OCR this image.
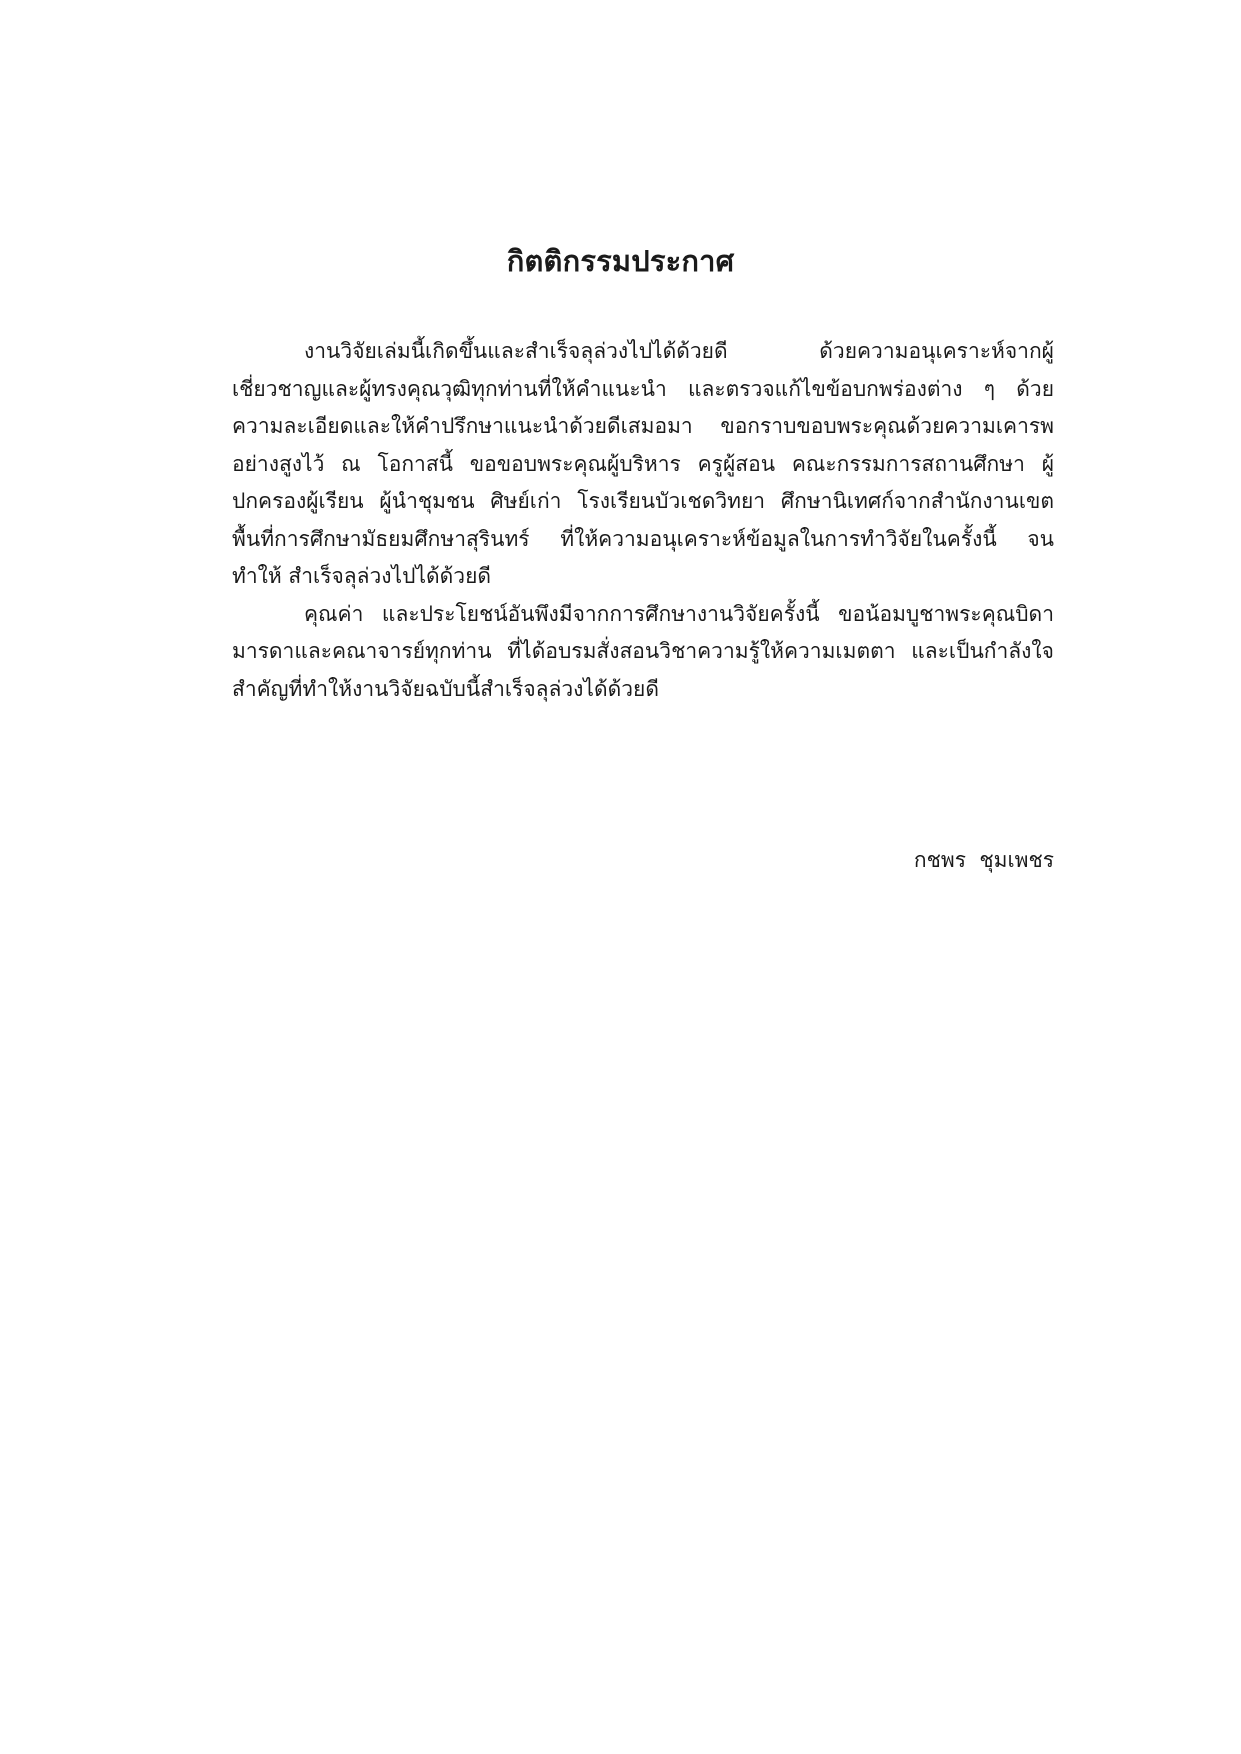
กิตติกรรมประกาศ

งานวิจัยเล่มนี้เกิดขึ้นและสำเร็จลุล่วงไปได้ด้วยดี ด้วยความอนุเคราะห์จากผู้เชี่ยวชาญและผู้ทรงคุณวุฒิทุกท่านที่ให้คำแนะนำ และตรวจแก้ไขข้อบกพร่องต่าง ๆ ด้วยความละเอียดและให้คำปรึกษาแนะนำด้วยดีเสมอมา ขอกราบขอบพระคุณด้วยความเคารพอย่างสูงไว้ ณ โอกาสนี้ ขอขอบพระคุณผู้บริหาร ครูผู้สอน คณะกรรมการสถานศึกษา ผู้ปกครองผู้เรียน ผู้นำชุมชน ศิษย์เก่า โรงเรียนบัวเชดวิทยา ศึกษานิเทศก์จากสำนักงานเขตพื้นที่การศึกษามัธยมศึกษาสุรินทร์ ที่ให้ความอนุเคราะห์ข้อมูลในการทำวิจัยในครั้งนี้ จนทำให้ สำเร็จลุล่วงไปได้ด้วยดี

คุณค่า และประโยชน์อันพึงมีจากการศึกษางานวิจัยครั้งนี้ ขอน้อมบูชาพระคุณบิดามารดาและคณาจารย์ทุกท่าน ที่ได้อบรมสั่งสอนวิชาความรู้ให้ความเมตตา และเป็นกำลังใจสำคัญที่ทำให้งานวิจัยฉบับนี้สำเร็จลุล่วงได้ด้วยดี

กชพร  ชุมเพชร
